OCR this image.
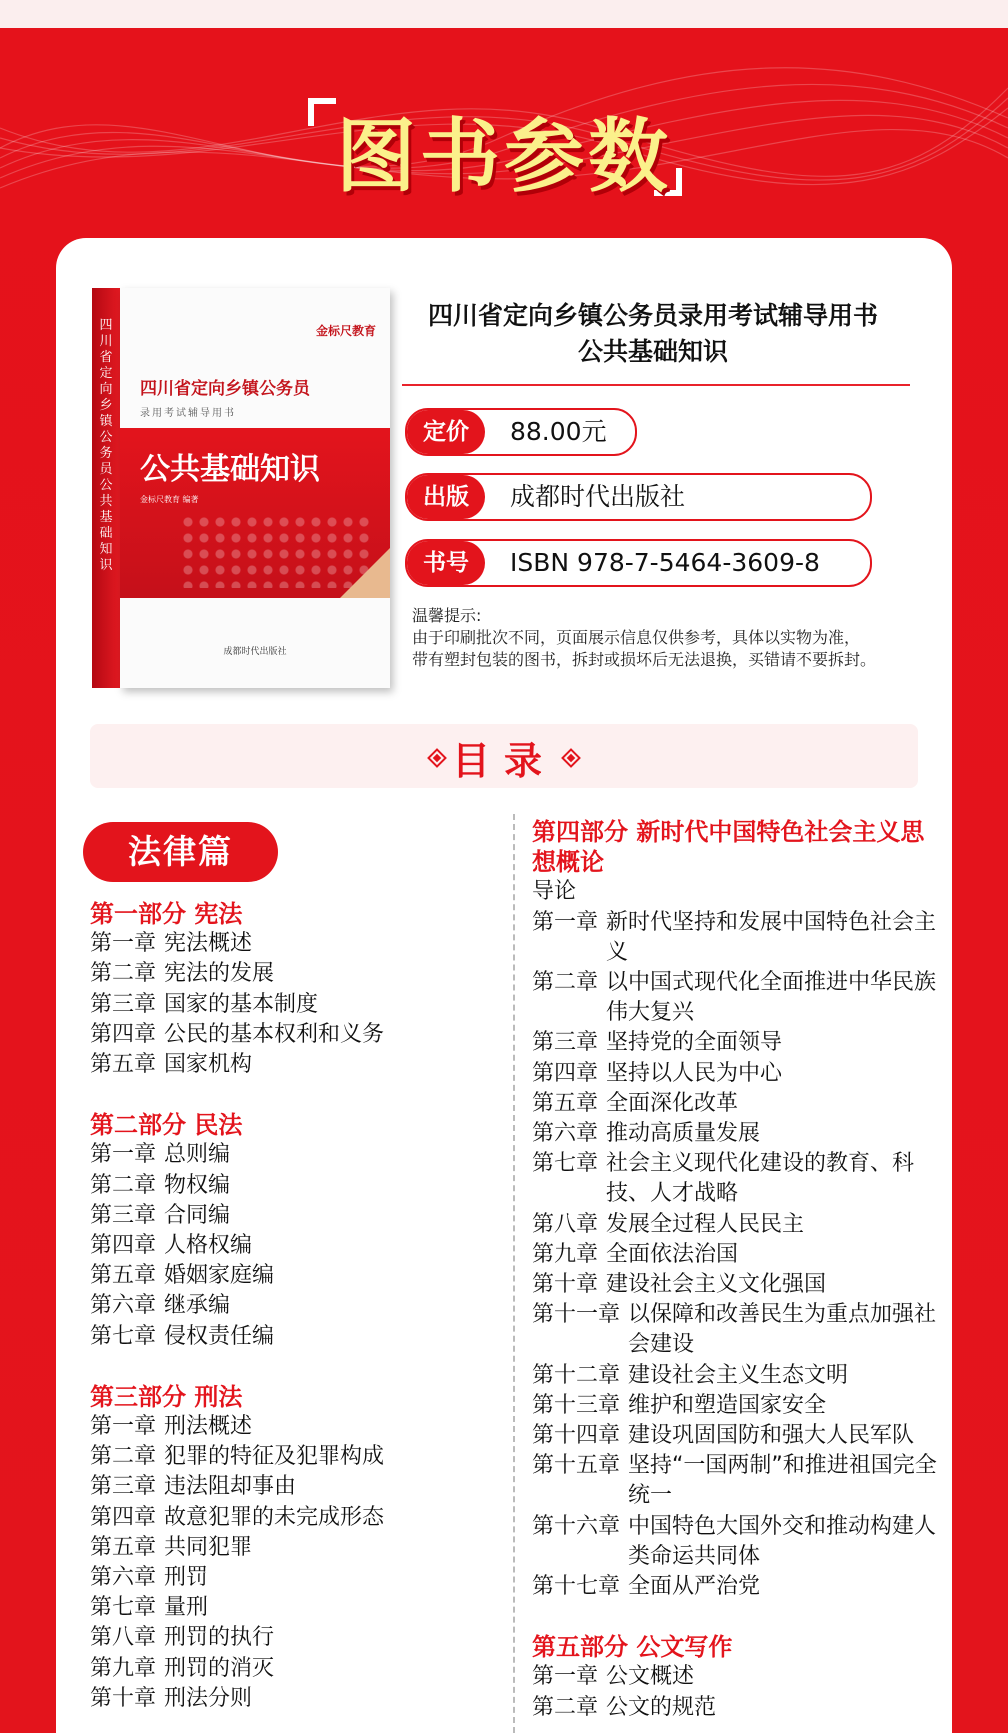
图书参数
四川省定向乡镇公务员公共基础知识
金标尺教育
四川省定向乡镇公务员
录用考试辅导用书
公共基础知识
金标尺教育 编著
成都时代出版社
四川省定向乡镇公务员录用考试辅导用书
公共基础知识
定价	88.00元
出版	成都时代出版社
书号	ISBN 978-7-5464-3609-8
温馨提示:
由于印刷批次不同，页面展示信息仅供参考，具体以实物为准，
带有塑封包装的图书，拆封或损坏后无法退换，买错请不要拆封。
目录
法律篇
第一部分 宪法
第一章 宪法概述
第二章 宪法的发展
第三章 国家的基本制度
第四章 公民的基本权利和义务
第五章 国家机构
第二部分 民法
第一章 总则编
第二章 物权编
第三章 合同编
第四章 人格权编
第五章 婚姻家庭编
第六章 继承编
第七章 侵权责任编
第三部分 刑法
第一章 刑法概述
第二章 犯罪的特征及犯罪构成
第三章 违法阻却事由
第四章 故意犯罪的未完成形态
第五章 共同犯罪
第六章 刑罚
第七章 量刑
第八章 刑罚的执行
第九章 刑罚的消灭
第十章 刑法分则
第四部分 新时代中国特色社会主义思想概论
导论
第一章 新时代坚持和发展中国特色社会主义
第二章 以中国式现代化全面推进中华民族伟大复兴
第三章 坚持党的全面领导
第四章 坚持以人民为中心
第五章 全面深化改革
第六章 推动高质量发展
第七章 社会主义现代化建设的教育、科技、人才战略
第八章 发展全过程人民民主
第九章 全面依法治国
第十章 建设社会主义文化强国
第十一章 以保障和改善民生为重点加强社会建设
第十二章 建设社会主义生态文明
第十三章 维护和塑造国家安全
第十四章 建设巩固国防和强大人民军队
第十五章 坚持“一国两制”和推进祖国完全统一
第十六章 中国特色大国外交和推动构建人类命运共同体
第十七章 全面从严治党
第五部分 公文写作
第一章 公文概述
第二章 公文的规范
